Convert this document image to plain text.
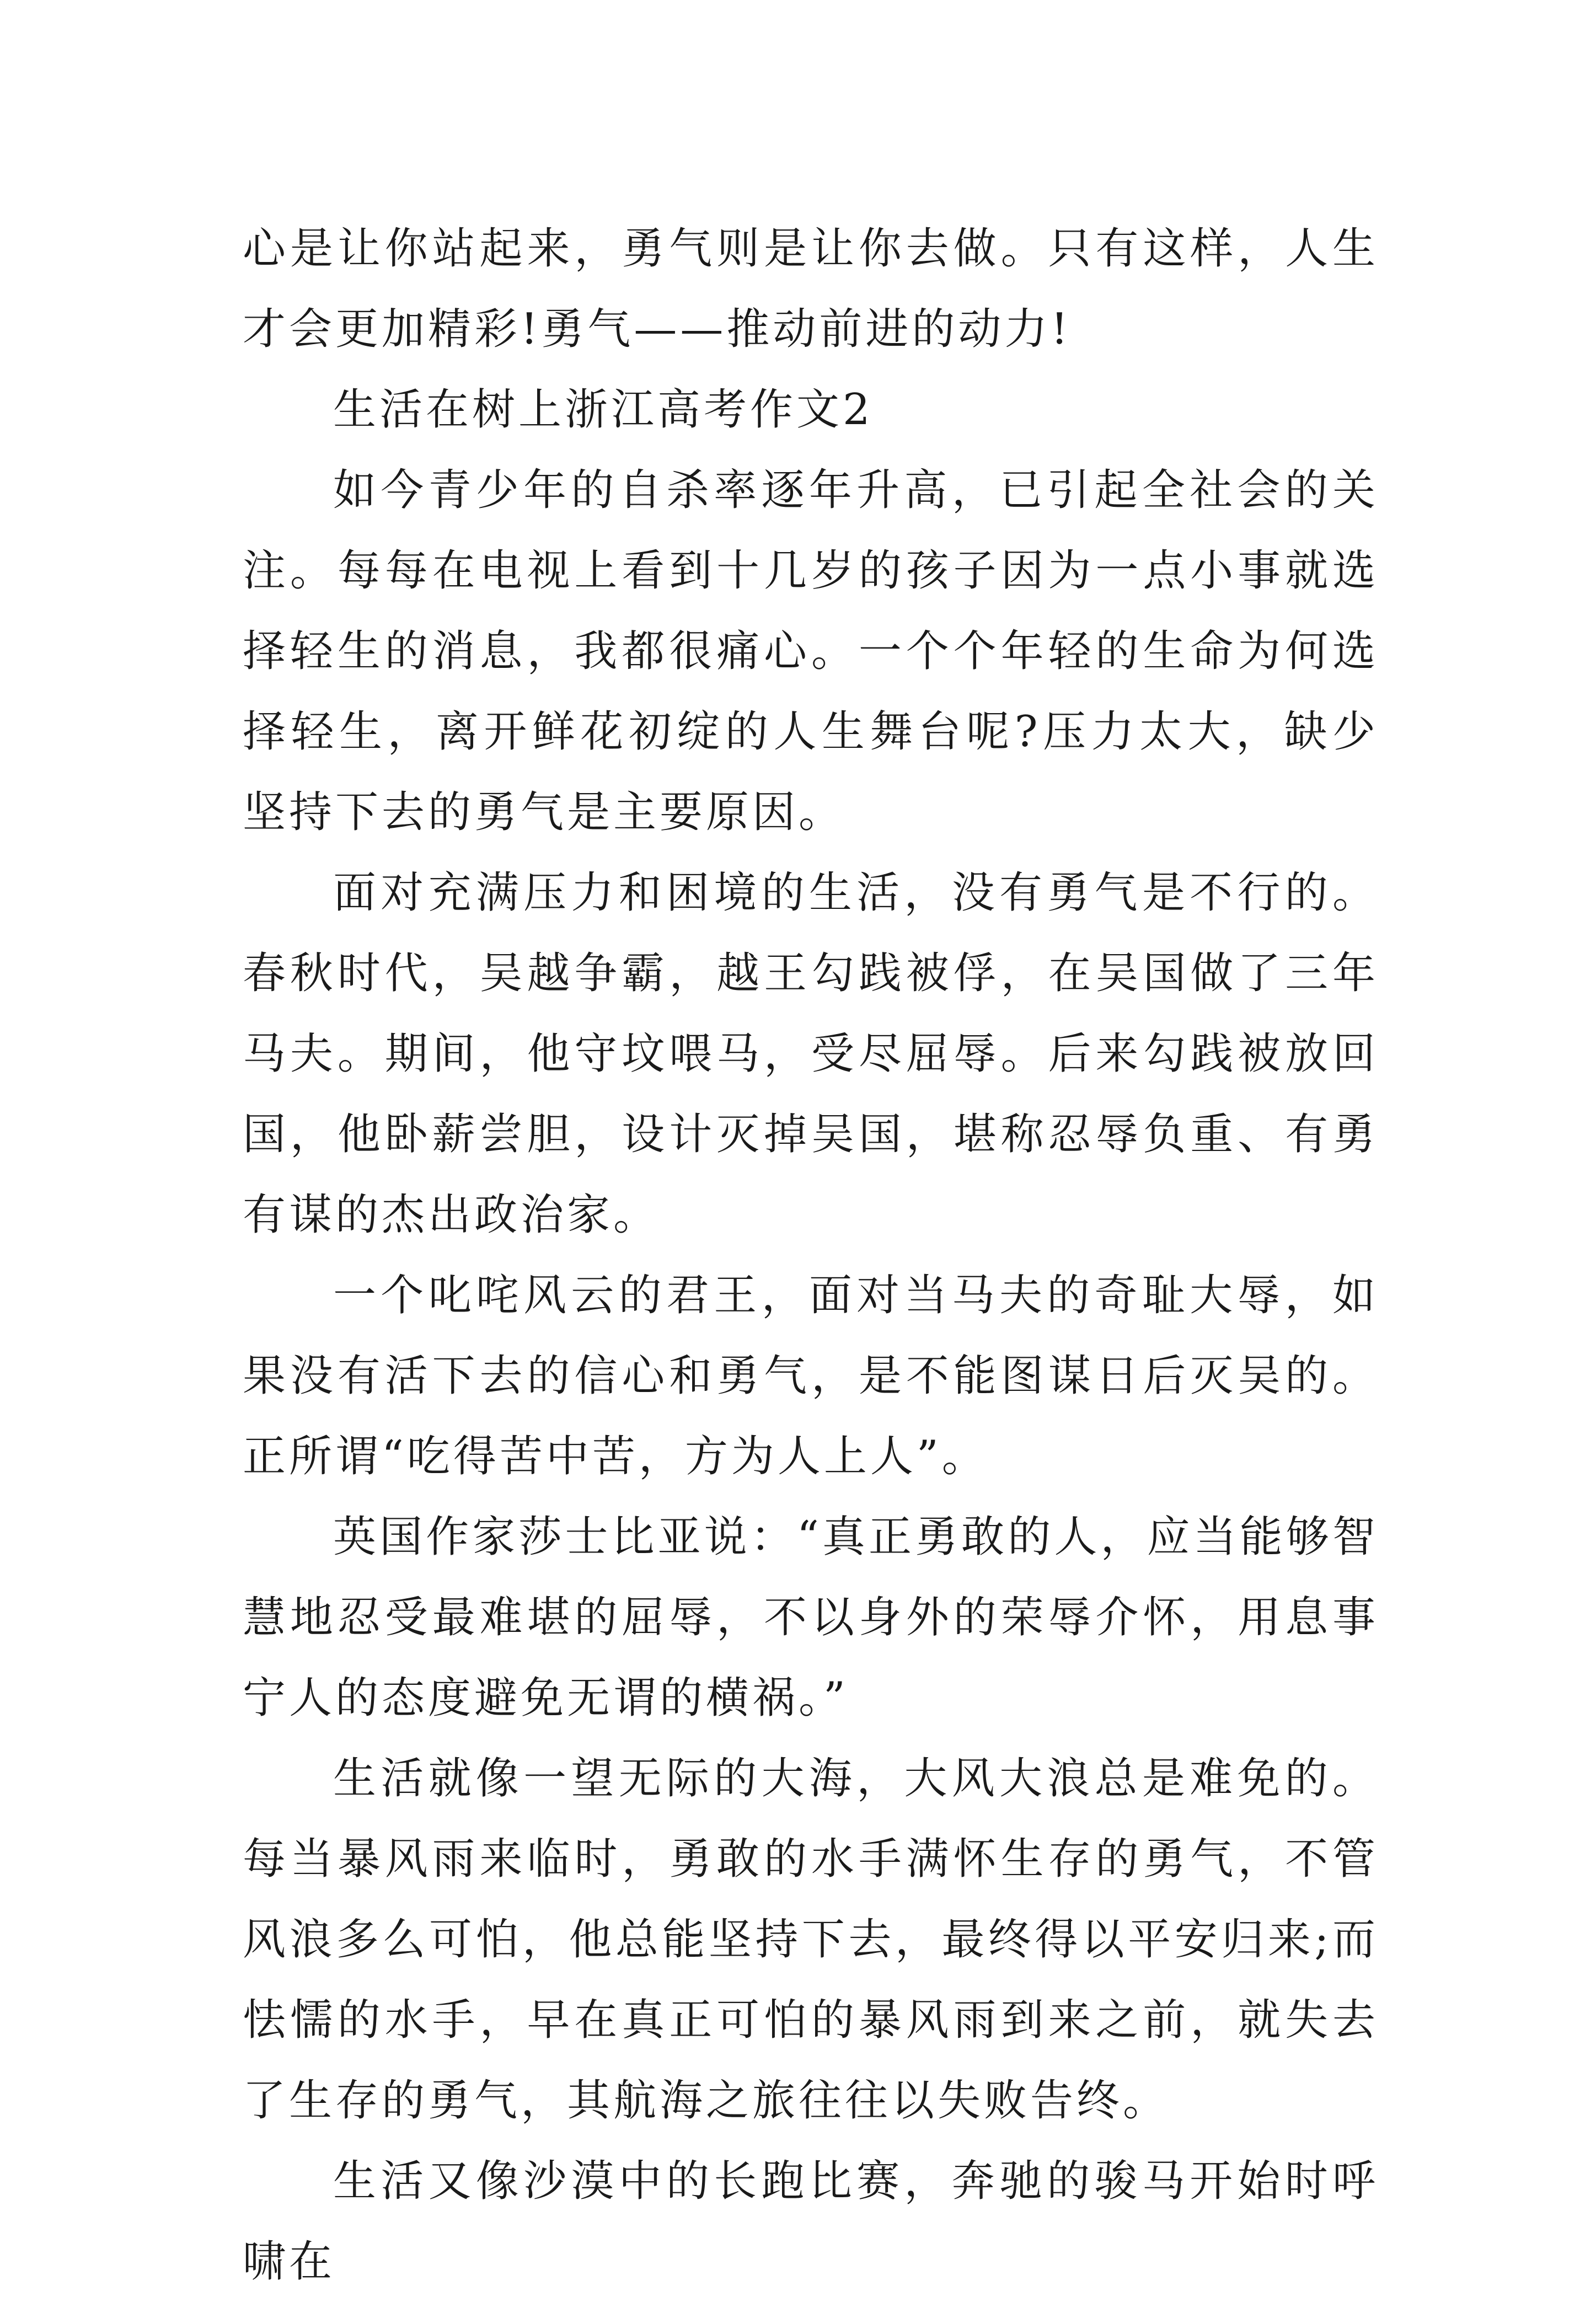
心是让你站起来，勇气则是让你去做。只有这样，人生才会更加精彩!勇气——推动前进的动力!

生活在树上浙江高考作文2

如今青少年的自杀率逐年升高，已引起全社会的关注。每每在电视上看到十几岁的孩子因为一点小事就选择轻生的消息，我都很痛心。一个个年轻的生命为何选择轻生，离开鲜花初绽的人生舞台呢?压力太大，缺少坚持下去的勇气是主要原因。

面对充满压力和困境的生活，没有勇气是不行的。春秋时代，吴越争霸，越王勾践被俘，在吴国做了三年马夫。期间，他守坟喂马，受尽屈辱。后来勾践被放回国，他卧薪尝胆，设计灭掉吴国，堪称忍辱负重、有勇有谋的杰出政治家。

一个叱咤风云的君王，面对当马夫的奇耻大辱，如果没有活下去的信心和勇气，是不能图谋日后灭吴的。正所谓“吃得苦中苦，方为人上人”。

英国作家莎士比亚说：“真正勇敢的人，应当能够智慧地忍受最难堪的屈辱，不以身外的荣辱介怀，用息事宁人的态度避免无谓的横祸。”

生活就像一望无际的大海，大风大浪总是难免的。每当暴风雨来临时，勇敢的水手满怀生存的勇气，不管风浪多么可怕，他总能坚持下去，最终得以平安归来;而怯懦的水手，早在真正可怕的暴风雨到来之前，就失去了生存的勇气，其航海之旅往往以失败告终。

生活又像沙漠中的长跑比赛，奔驰的骏马开始时呼啸在
